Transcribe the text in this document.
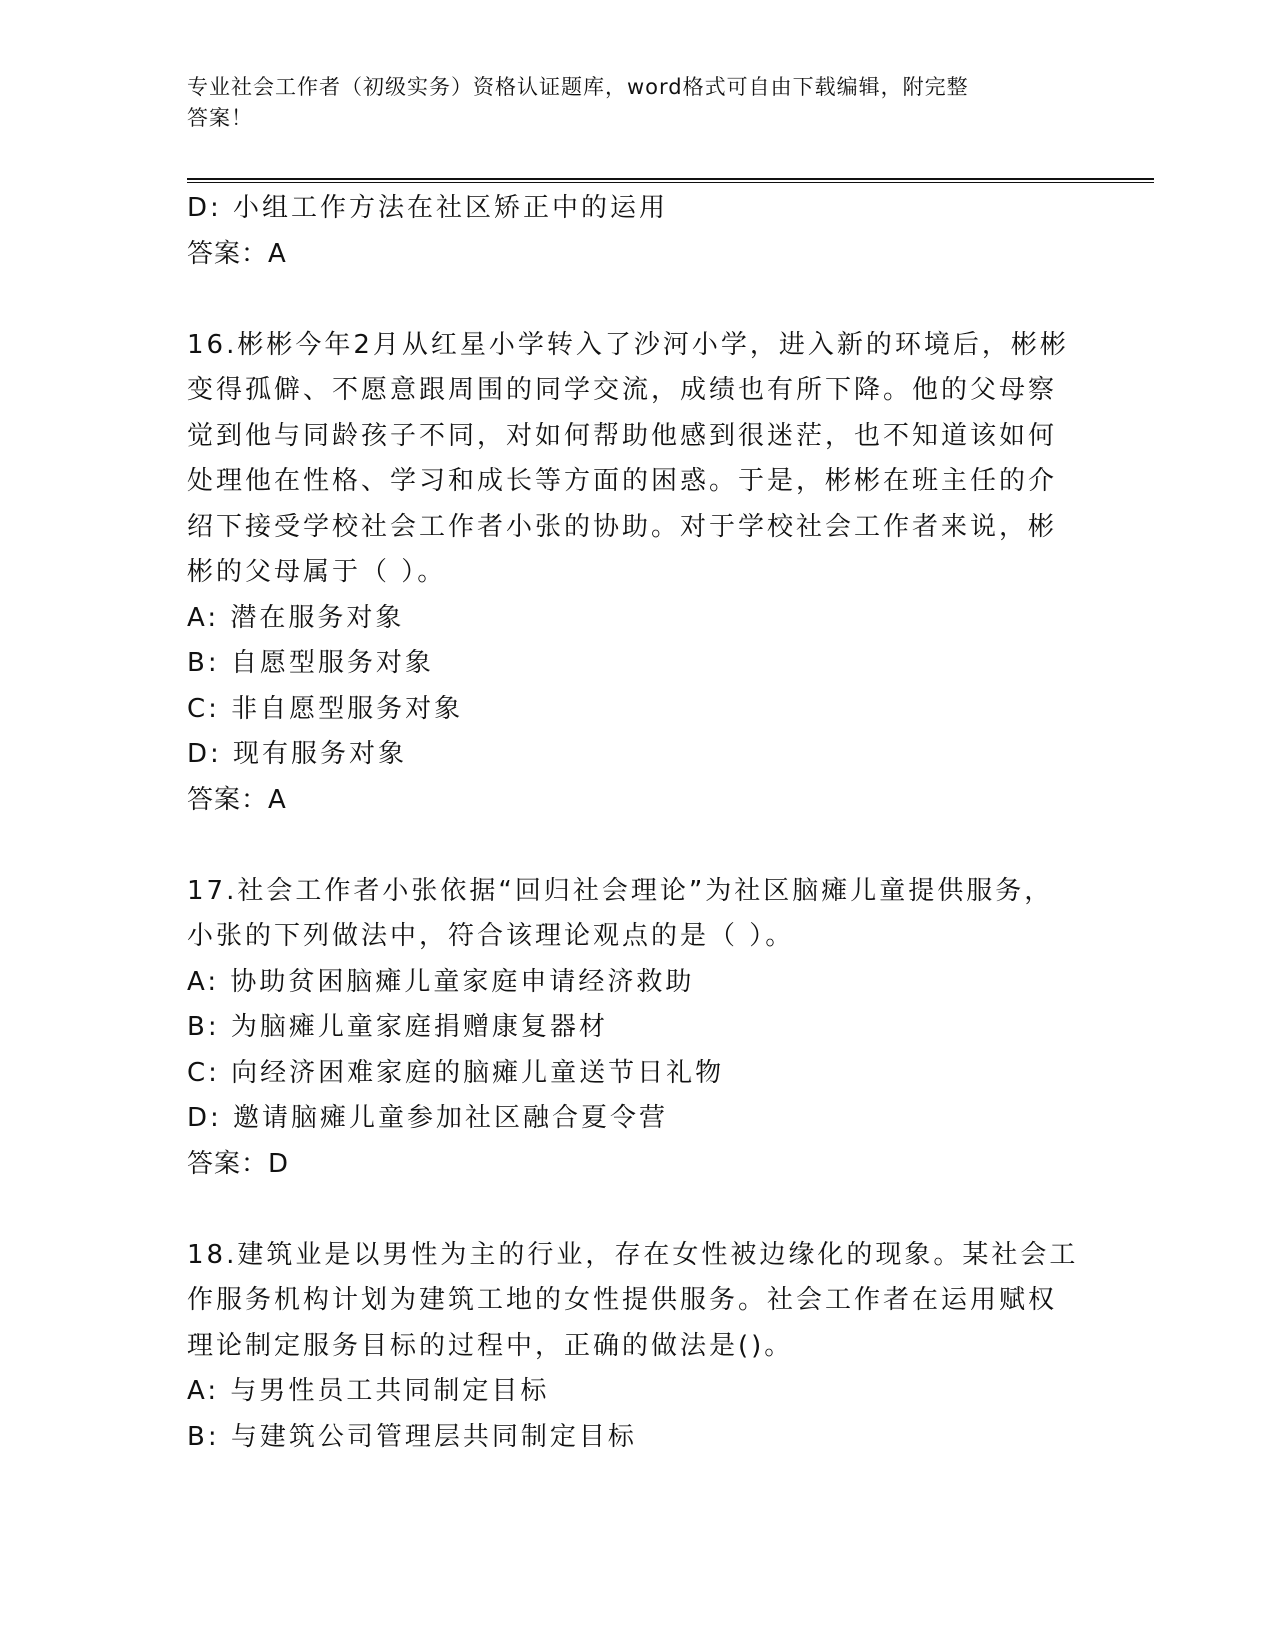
专业社会工作者（初级实务）资格认证题库，word格式可自由下载编辑，附完整
答案！

D: 小组工作方法在社区矫正中的运用

答案：A

16.彬彬今年2月从红星小学转入了沙河小学，进入新的环境后，彬彬

变得孤僻、不愿意跟周围的同学交流，成绩也有所下降。他的父母察

觉到他与同龄孩子不同，对如何帮助他感到很迷茫，也不知道该如何

处理他在性格、学习和成长等方面的困惑。于是，彬彬在班主任的介

绍下接受学校社会工作者小张的协助。对于学校社会工作者来说，彬

彬的父母属于（ ）。

A: 潜在服务对象

B: 自愿型服务对象

C: 非自愿型服务对象

D: 现有服务对象

答案：A

17.社会工作者小张依据“回归社会理论”为社区脑瘫儿童提供服务，

小张的下列做法中，符合该理论观点的是（ ）。

A: 协助贫困脑瘫儿童家庭申请经济救助

B: 为脑瘫儿童家庭捐赠康复器材

C: 向经济困难家庭的脑瘫儿童送节日礼物

D: 邀请脑瘫儿童参加社区融合夏令营

答案：D

18.建筑业是以男性为主的行业，存在女性被边缘化的现象。某社会工

作服务机构计划为建筑工地的女性提供服务。社会工作者在运用赋权

理论制定服务目标的过程中，正确的做法是()。

A: 与男性员工共同制定目标

B: 与建筑公司管理层共同制定目标
